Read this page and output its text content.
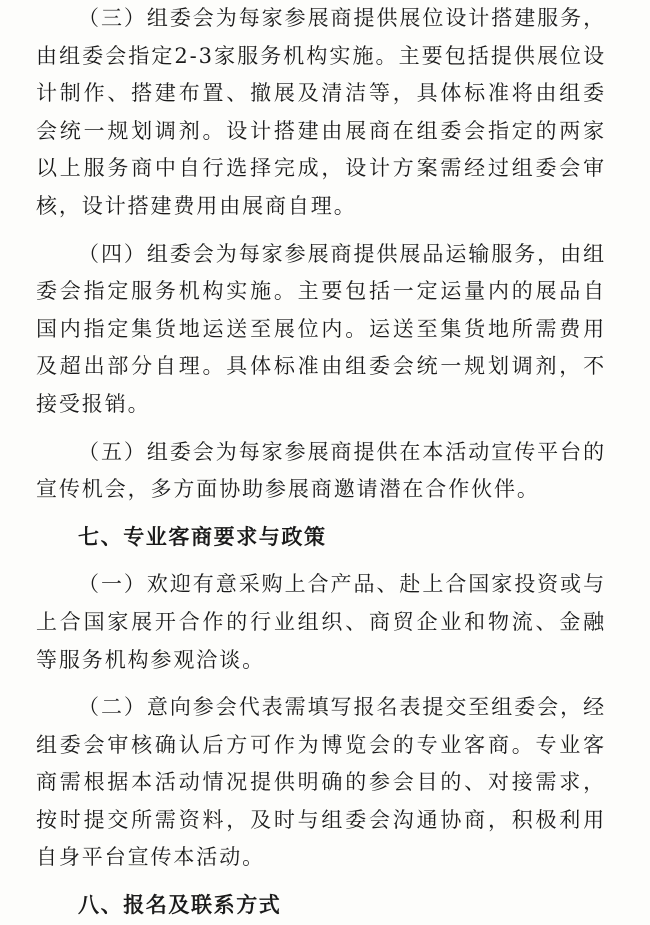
（三）组委会为每家参展商提供展位设计搭建服务，由组委会指定2-3家服务机构实施。主要包括提供展位设计制作、搭建布置、撤展及清洁等，具体标准将由组委会统一规划调剂。设计搭建由展商在组委会指定的两家以上服务商中自行选择完成，设计方案需经过组委会审核，设计搭建费用由展商自理。

（四）组委会为每家参展商提供展品运输服务，由组委会指定服务机构实施。主要包括一定运量内的展品自国内指定集货地运送至展位内。运送至集货地所需费用及超出部分自理。具体标准由组委会统一规划调剂，不接受报销。

（五）组委会为每家参展商提供在本活动宣传平台的宣传机会，多方面协助参展商邀请潜在合作伙伴。

七、专业客商要求与政策

（一）欢迎有意采购上合产品、赴上合国家投资或与上合国家展开合作的行业组织、商贸企业和物流、金融等服务机构参观洽谈。

（二）意向参会代表需填写报名表提交至组委会，经组委会审核确认后方可作为博览会的专业客商。专业客商需根据本活动情况提供明确的参会目的、对接需求，按时提交所需资料，及时与组委会沟通协商，积极利用自身平台宣传本活动。

八、报名及联系方式
